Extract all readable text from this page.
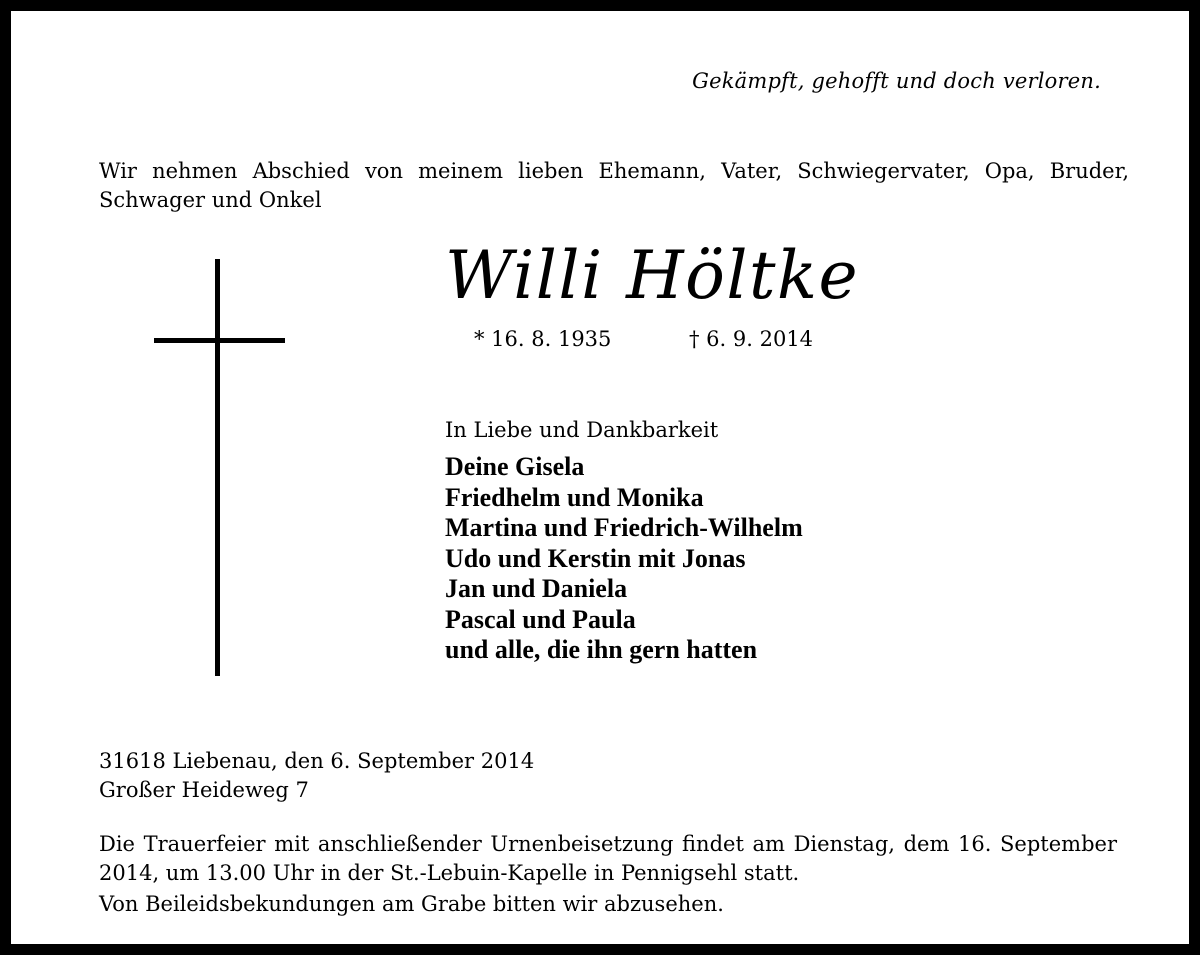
Gekämpft, gehofft und doch verloren.
Wir nehmen Abschied von meinem lieben Ehemann, Vater, Schwiegervater, Opa, Bruder, Schwager und Onkel
Willi Höltke
* 16. 8. 1935	† 6. 9. 2014
In Liebe und Dankbarkeit
Deine Gisela
Friedhelm und Monika
Martina und Friedrich-Wilhelm
Udo und Kerstin mit Jonas
Jan und Daniela
Pascal und Paula
und alle, die ihn gern hatten
31618 Liebenau, den 6. September 2014
Großer Heideweg 7
Die Trauerfeier mit anschließender Urnenbeisetzung findet am Dienstag, dem 16. September 2014, um 13.00 Uhr in der St.-Lebuin-Kapelle in Pennigsehl statt.
Von Beileidsbekundungen am Grabe bitten wir abzusehen.
